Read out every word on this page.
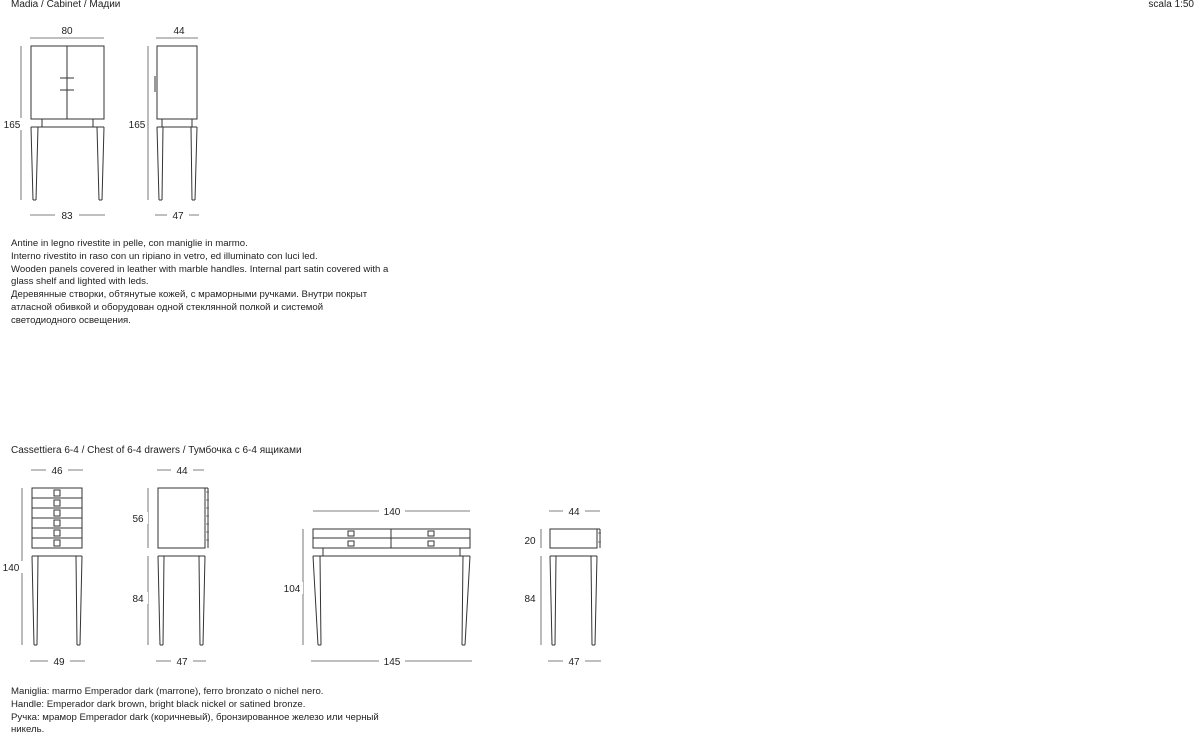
Madia / Cabinet / Мадии	scala 1:50
Antine in legno rivestite in pelle, con maniglie in marmo.
Interno rivestito in raso con un ripiano in vetro, ed illuminato con luci led.
Wooden panels covered in leather with marble handles. Internal part satin covered with a
glass shelf and lighted with leds.
Деревянные створки, обтянутые кожей, с мраморными ручками. Внутри покрыт
атласной обивкой и оборудован одной стеклянной полкой и системой
светодиодного освещения.
Cassettiera 6-4 / Chest of 6-4 drawers / Тумбочка с 6-4 ящиками
Maniglia: marmo Emperador dark (marrone), ferro bronzato o nichel nero.
Handle: Emperador dark brown, bright black nickel or satined bronze.
Ручка: мрамор Emperador dark (коричневый), бронзированное железо или черный
никель.
80
165
83
44
165
47
46
140
49
44
56
84
47
140
104
145
44
20
84
47
